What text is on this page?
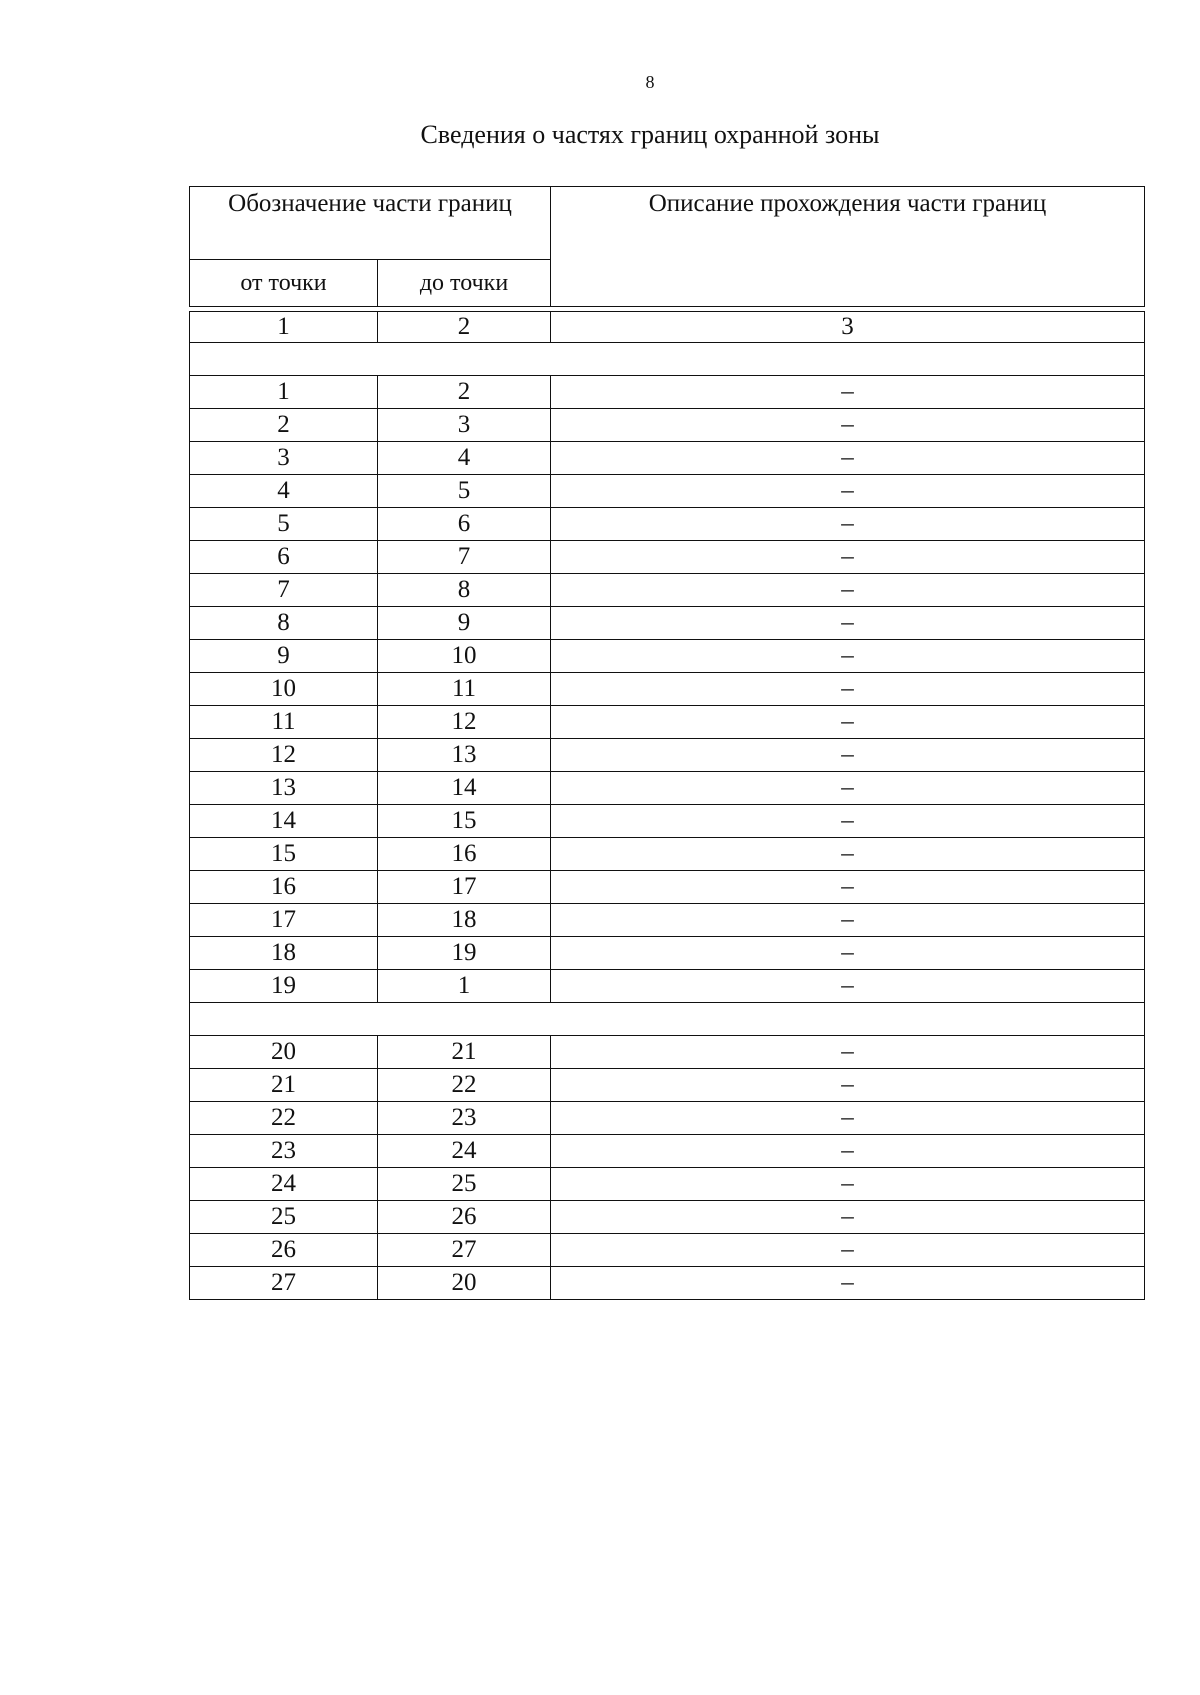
8
Сведения о частях границ охранной зоны
Обозначение части границ		Описание прохождения части границ
от точки	до точки	

1	2	3

1	2	–
2	3	–
3	4	–
4	5	–
5	6	–
6	7	–
7	8	–
8	9	–
9	10	–
10	11	–
11	12	–
12	13	–
13	14	–
14	15	–
15	16	–
16	17	–
17	18	–
18	19	–
19	1	–

20	21	–
21	22	–
22	23	–
23	24	–
24	25	–
25	26	–
26	27	–
27	20	–
